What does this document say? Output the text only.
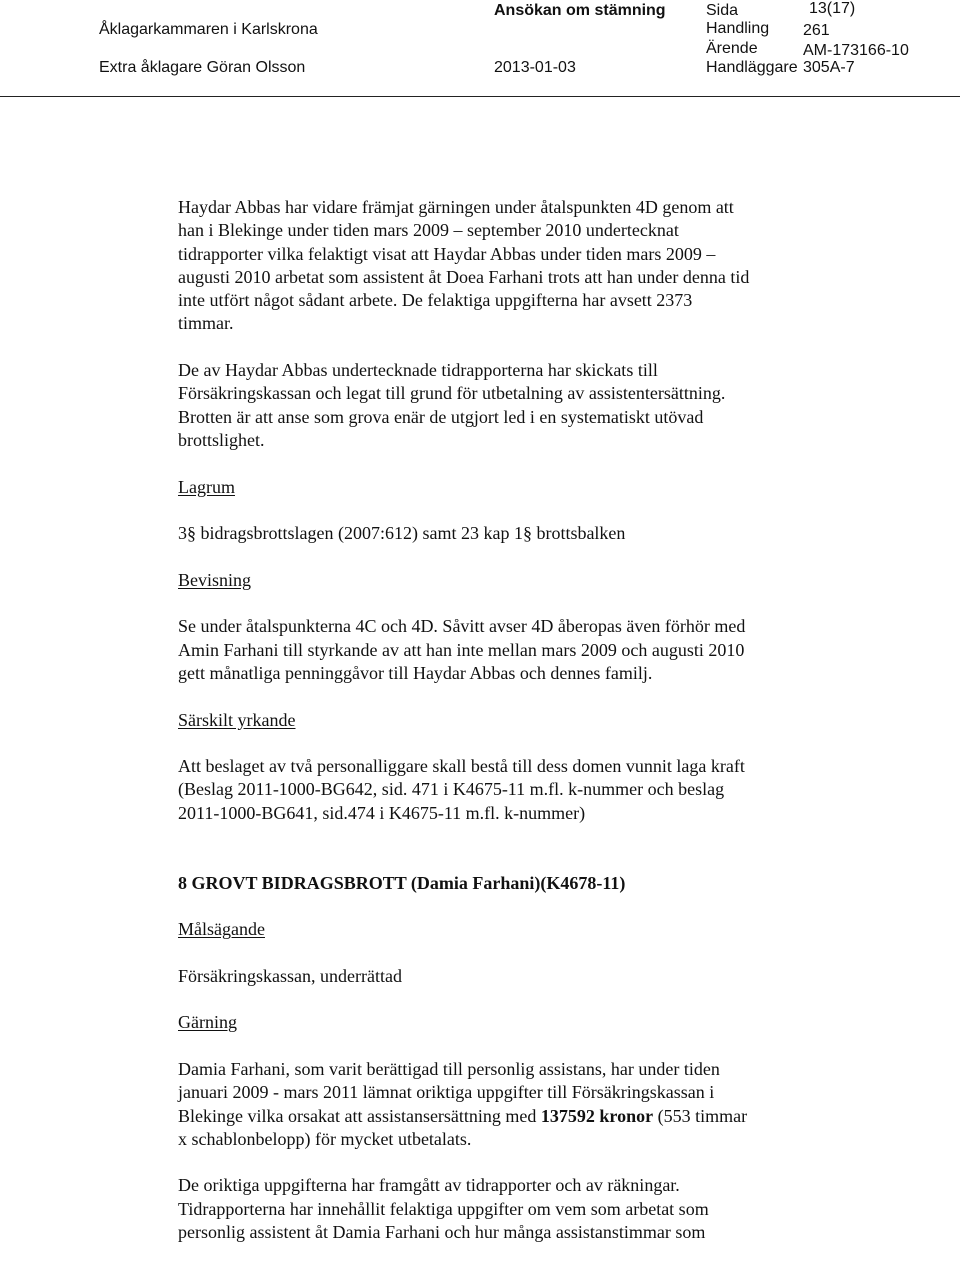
Åklagarkammaren i Karlskrona
Extra åklagare Göran Olsson
Ansökan om stämning
2013-01-03
Sida	13(17)
Handling 261
Ärende	AM-173166-10
Handläggare 305A-7
Haydar Abbas har vidare främjat gärningen under åtalspunkten 4D genom att
han i Blekinge under tiden mars 2009 – september 2010 undertecknat
tidrapporter vilka felaktigt visat att Haydar Abbas under tiden mars 2009 –
augusti 2010 arbetat som assistent åt Doea Farhani trots att han under denna tid
inte utfört något sådant arbete. De felaktiga uppgifterna har avsett 2373
timmar.
De av Haydar Abbas undertecknade tidrapporterna har skickats till
Försäkringskassan och legat till grund för utbetalning av assistentersättning.
Brotten är att anse som grova enär de utgjort led i en systematiskt utövad
brottslighet.
Lagrum
3§ bidragsbrottslagen (2007:612) samt 23 kap 1§ brottsbalken
Bevisning
Se under åtalspunkterna 4C och 4D. Såvitt avser 4D åberopas även förhör med
Amin Farhani till styrkande av att han inte mellan mars 2009 och augusti 2010
gett månatliga penninggåvor till Haydar Abbas och dennes familj.
Särskilt yrkande
Att beslaget av två personalliggare skall bestå till dess domen vunnit laga kraft
(Beslag 2011-1000-BG642, sid. 471 i K4675-11 m.fl. k-nummer och beslag
2011-1000-BG641, sid.474 i K4675-11 m.fl. k-nummer)
8 GROVT BIDRAGSBROTT (Damia Farhani)(K4678-11)
Målsägande
Försäkringskassan, underrättad
Gärning
Damia Farhani, som varit berättigad till personlig assistans, har under tiden
januari 2009 - mars 2011 lämnat oriktiga uppgifter till Försäkringskassan i
Blekinge vilka orsakat att assistansersättning med 137592 kronor (553 timmar
x schablonbelopp) för mycket utbetalats.
De oriktiga uppgifterna har framgått av tidrapporter och av räkningar.
Tidrapporterna har innehållit felaktiga uppgifter om vem som arbetat som
personlig assistent åt Damia Farhani och hur många assistanstimmar som
